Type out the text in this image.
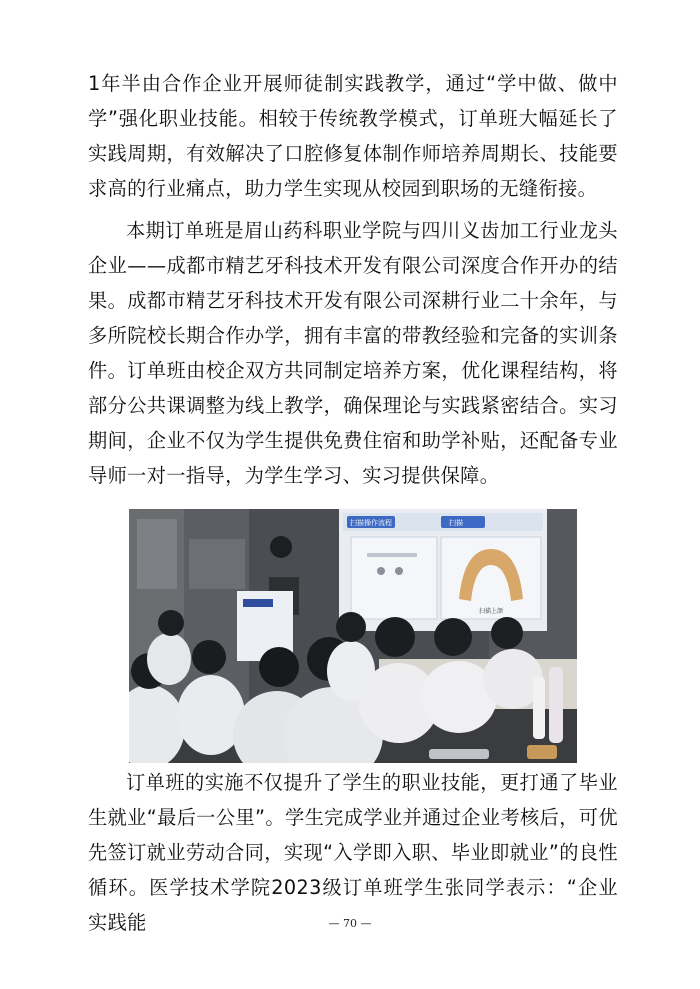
1年半由合作企业开展师徒制实践教学，通过“学中做、做中学”强化职业技能。相较于传统教学模式，订单班大幅延长了实践周期，有效解决了口腔修复体制作师培养周期长、技能要求高的行业痛点，助力学生实现从校园到职场的无缝衔接。

本期订单班是眉山药科职业学院与四川义齿加工行业龙头企业——成都市精艺牙科技术开发有限公司深度合作开办的结果。成都市精艺牙科技术开发有限公司深耕行业二十余年，与多所院校长期合作办学，拥有丰富的带教经验和完备的实训条件。订单班由校企双方共同制定培养方案，优化课程结构，将部分公共课调整为线上教学，确保理论与实践紧密结合。实习期间，企业不仅为学生提供免费住宿和助学补贴，还配备专业导师一对一指导，为学生学习、实习提供保障。

扫描操作流程	扫描
扫描上颌

订单班的实施不仅提升了学生的职业技能，更打通了毕业生就业“最后一公里”。学生完成学业并通过企业考核后，可优先签订就业劳动合同，实现“入学即入职、毕业即就业”的良性循环。医学技术学院2023级订单班学生张同学表示：“企业实践能	— 70 —
